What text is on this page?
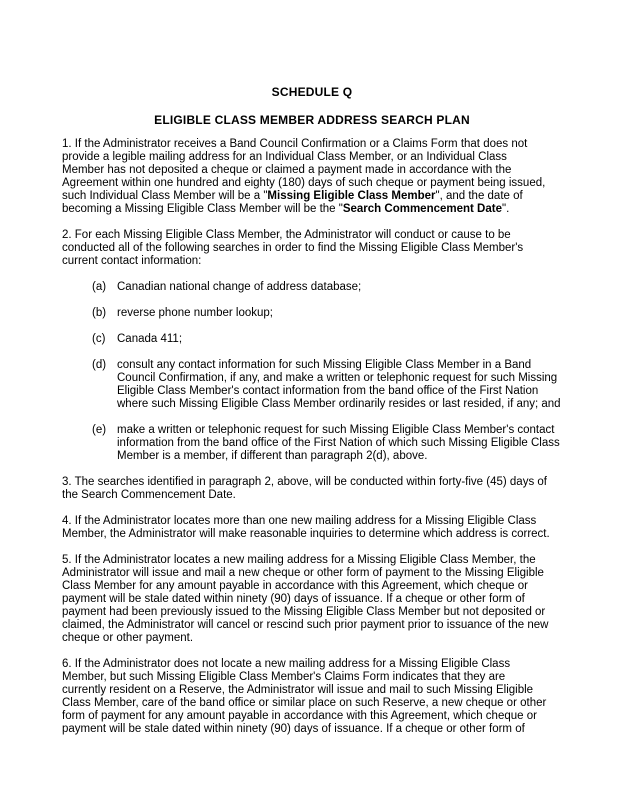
SCHEDULE Q
ELIGIBLE CLASS MEMBER ADDRESS SEARCH PLAN
1. If the Administrator receives a Band Council Confirmation or a Claims Form that does not
provide a legible mailing address for an Individual Class Member, or an Individual Class
Member has not deposited a cheque or claimed a payment made in accordance with the
Agreement within one hundred and eighty (180) days of such cheque or payment being issued,
such Individual Class Member will be a "Missing Eligible Class Member", and the date of
becoming a Missing Eligible Class Member will be the "Search Commencement Date".
2. For each Missing Eligible Class Member, the Administrator will conduct or cause to be
conducted all of the following searches in order to find the Missing Eligible Class Member's
current contact information:
(a) Canadian national change of address database;
(b) reverse phone number lookup;
(c)	Canada 411;
(d) consult any contact information for such Missing Eligible Class Member in a Band
Council Confirmation, if any, and make a written or telephonic request for such Missing
Eligible Class Member's contact information from the band office of the First Nation
where such Missing Eligible Class Member ordinarily resides or last resided, if any; and
(e) make a written or telephonic request for such Missing Eligible Class Member's contact
information from the band office of the First Nation of which such Missing Eligible Class
Member is a member, if different than paragraph 2(d), above.
3. The searches identified in paragraph 2, above, will be conducted within forty-five (45) days of
the Search Commencement Date.
4. If the Administrator locates more than one new mailing address for a Missing Eligible Class
Member, the Administrator will make reasonable inquiries to determine which address is correct.
5. If the Administrator locates a new mailing address for a Missing Eligible Class Member, the
Administrator will issue and mail a new cheque or other form of payment to the Missing Eligible
Class Member for any amount payable in accordance with this Agreement, which cheque or
payment will be stale dated within ninety (90) days of issuance. If a cheque or other form of
payment had been previously issued to the Missing Eligible Class Member but not deposited or
claimed, the Administrator will cancel or rescind such prior payment prior to issuance of the new
cheque or other payment.
6. If the Administrator does not locate a new mailing address for a Missing Eligible Class
Member, but such Missing Eligible Class Member's Claims Form indicates that they are
currently resident on a Reserve, the Administrator will issue and mail to such Missing Eligible
Class Member, care of the band office or similar place on such Reserve, a new cheque or other
form of payment for any amount payable in accordance with this Agreement, which cheque or
payment will be stale dated within ninety (90) days of issuance. If a cheque or other form of
